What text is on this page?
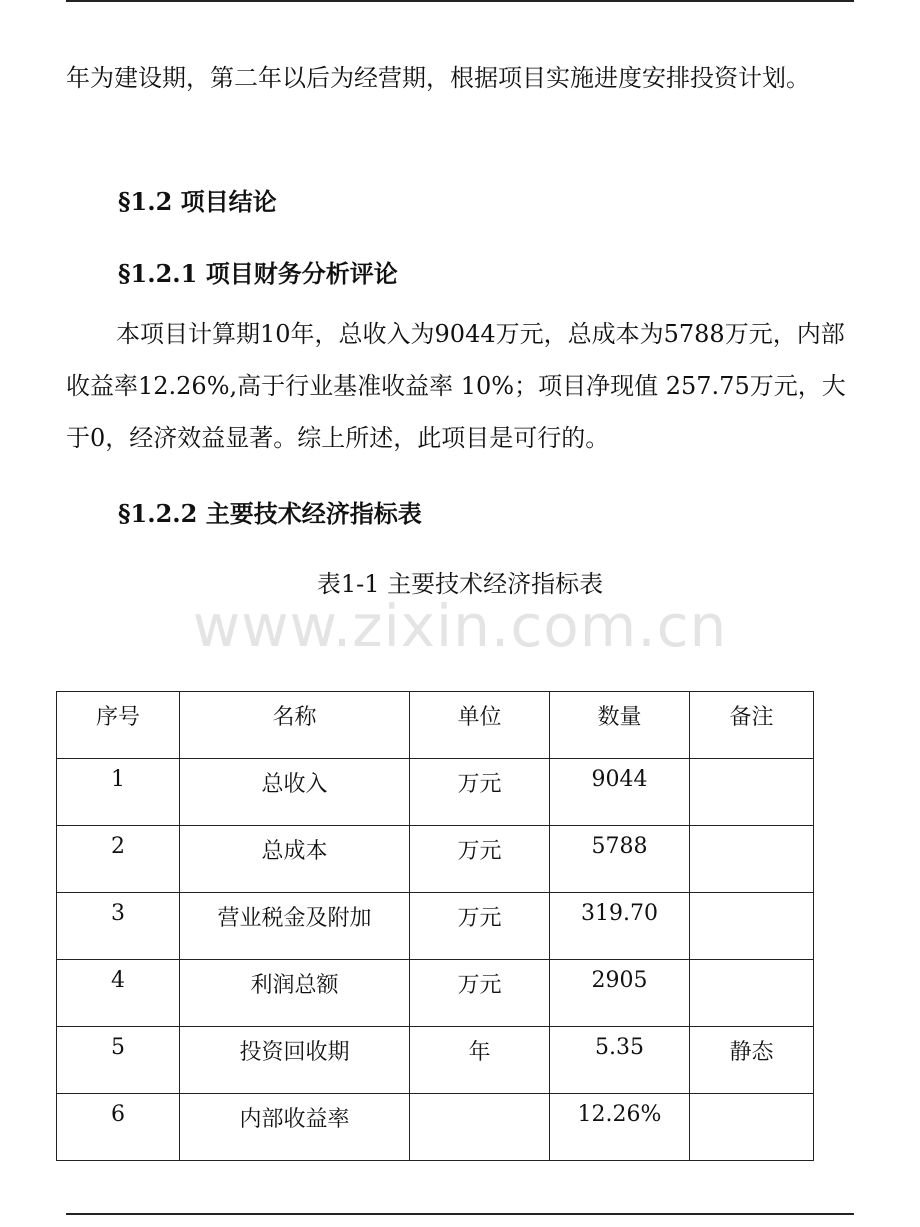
年为建设期，第二年以后为经营期，根据项目实施进度安排投资计划。

§1.2 项目结论
§1.2.1 项目财务分析评论

本项目计算期10年，总收入为9044万元，总成本为5788万元，内部收益率12.26%,高于行业基准收益率 10%；项目净现值 257.75万元，大于0，经济效益显著。综上所述，此项目是可行的。

§1.2.2 主要技术经济指标表
表1-1 主要技术经济指标表
www.zixin.com.cn
序号	名称	单位	数量	备注
1	总收入	万元	9044	
2	总成本	万元	5788	
3	营业税金及附加	万元	319.70	
4	利润总额	万元	2905	
5	投资回收期	年	5.35	静态
6	内部收益率		12.26%	
